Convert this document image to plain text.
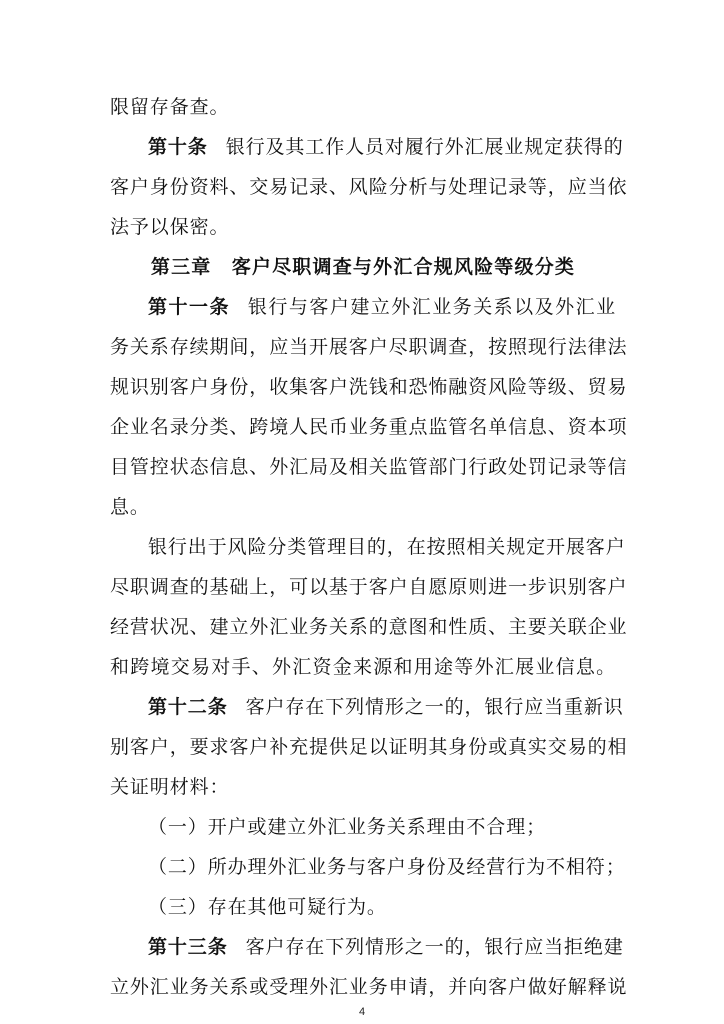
限留存备查。
第十条 银行及其工作人员对履行外汇展业规定获得的
客户身份资料、交易记录、风险分析与处理记录等，应当依
法予以保密。
第三章　客户尽职调查与外汇合规风险等级分类
第十一条 银行与客户建立外汇业务关系以及外汇业
务关系存续期间，应当开展客户尽职调查，按照现行法律法
规识别客户身份，收集客户洗钱和恐怖融资风险等级、贸易
企业名录分类、跨境人民币业务重点监管名单信息、资本项
目管控状态信息、外汇局及相关监管部门行政处罚记录等信
息。
银行出于风险分类管理目的，在按照相关规定开展客户
尽职调查的基础上，可以基于客户自愿原则进一步识别客户
经营状况、建立外汇业务关系的意图和性质、主要关联企业
和跨境交易对手、外汇资金来源和用途等外汇展业信息。
第十二条 客户存在下列情形之一的，银行应当重新识
别客户，要求客户补充提供足以证明其身份或真实交易的相
关证明材料：
（一）开户或建立外汇业务关系理由不合理；
（二）所办理外汇业务与客户身份及经营行为不相符；
（三）存在其他可疑行为。
第十三条 客户存在下列情形之一的，银行应当拒绝建
立外汇业务关系或受理外汇业务申请，并向客户做好解释说
4
